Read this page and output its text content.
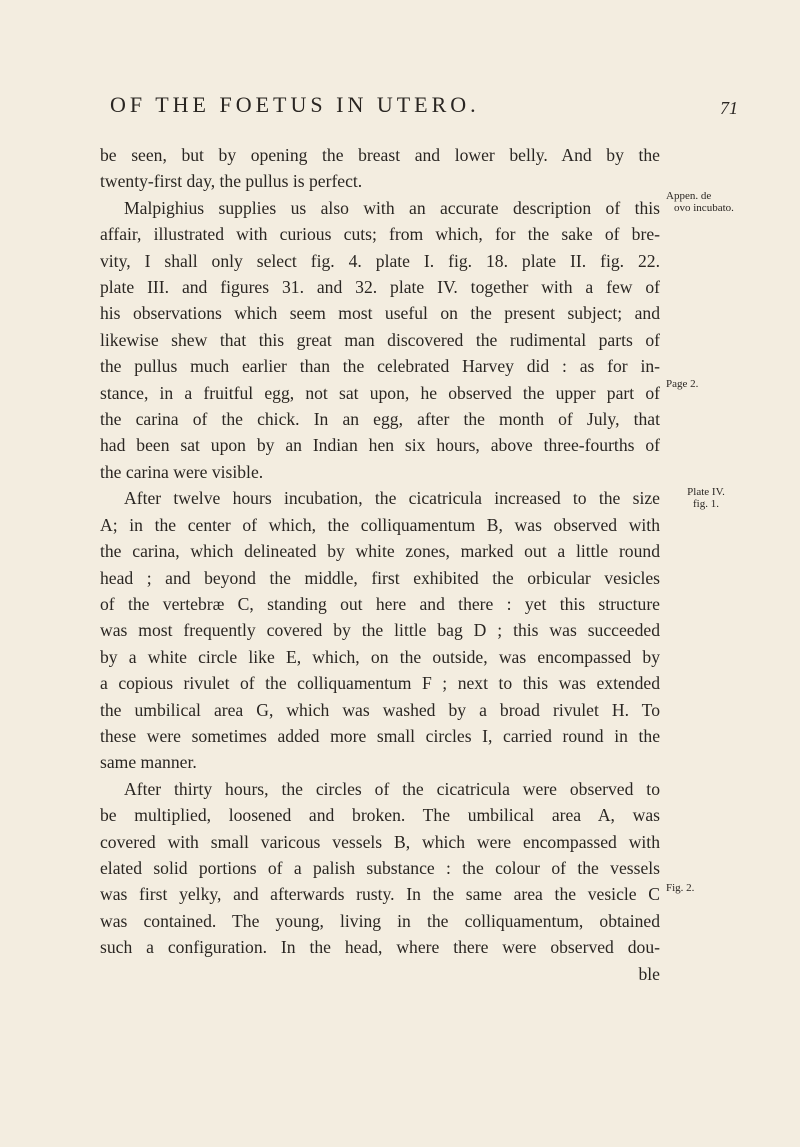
OF THE FOETUS IN UTERO.	71
be seen, but by opening the breast and lower belly. And by the
twenty-first day, the pullus is perfect.
Malpighius supplies us also with an accurate description of this
affair, illustrated with curious cuts; from which, for the sake of bre-
vity, I shall only select fig. 4. plate I. fig. 18. plate II. fig. 22.
plate III. and figures 31. and 32. plate IV. together with a few of
his observations which seem most useful on the present subject; and
likewise shew that this great man discovered the rudimental parts of
the pullus much earlier than the celebrated Harvey did : as for in-
stance, in a fruitful egg, not sat upon, he observed the upper part of
the carina of the chick. In an egg, after the month of July, that
had been sat upon by an Indian hen six hours, above three-fourths of
the carina were visible.
After twelve hours incubation, the cicatricula increased to the size
A; in the center of which, the colliquamentum B, was observed with
the carina, which delineated by white zones, marked out a little round
head ; and beyond the middle, first exhibited the orbicular vesicles
of the vertebræ C, standing out here and there : yet this structure
was most frequently covered by the little bag D ; this was succeeded
by a white circle like E, which, on the outside, was encompassed by
a copious rivulet of the colliquamentum F ; next to this was extended
the umbilical area G, which was washed by a broad rivulet H. To
these were sometimes added more small circles I, carried round in the
same manner.
After thirty hours, the circles of the cicatricula were observed to
be multiplied, loosened and broken. The umbilical area A, was
covered with small varicous vessels B, which were encompassed with
elated solid portions of a palish substance : the colour of the vessels
was first yelky, and afterwards rusty. In the same area the vesicle C
was contained. The young, living in the colliquamentum, obtained
such a configuration. In the head, where there were observed dou-
ble
Appen. de
ovo incubato.
Page 2.
Plate IV.
fig. 1.
Fig. 2.
